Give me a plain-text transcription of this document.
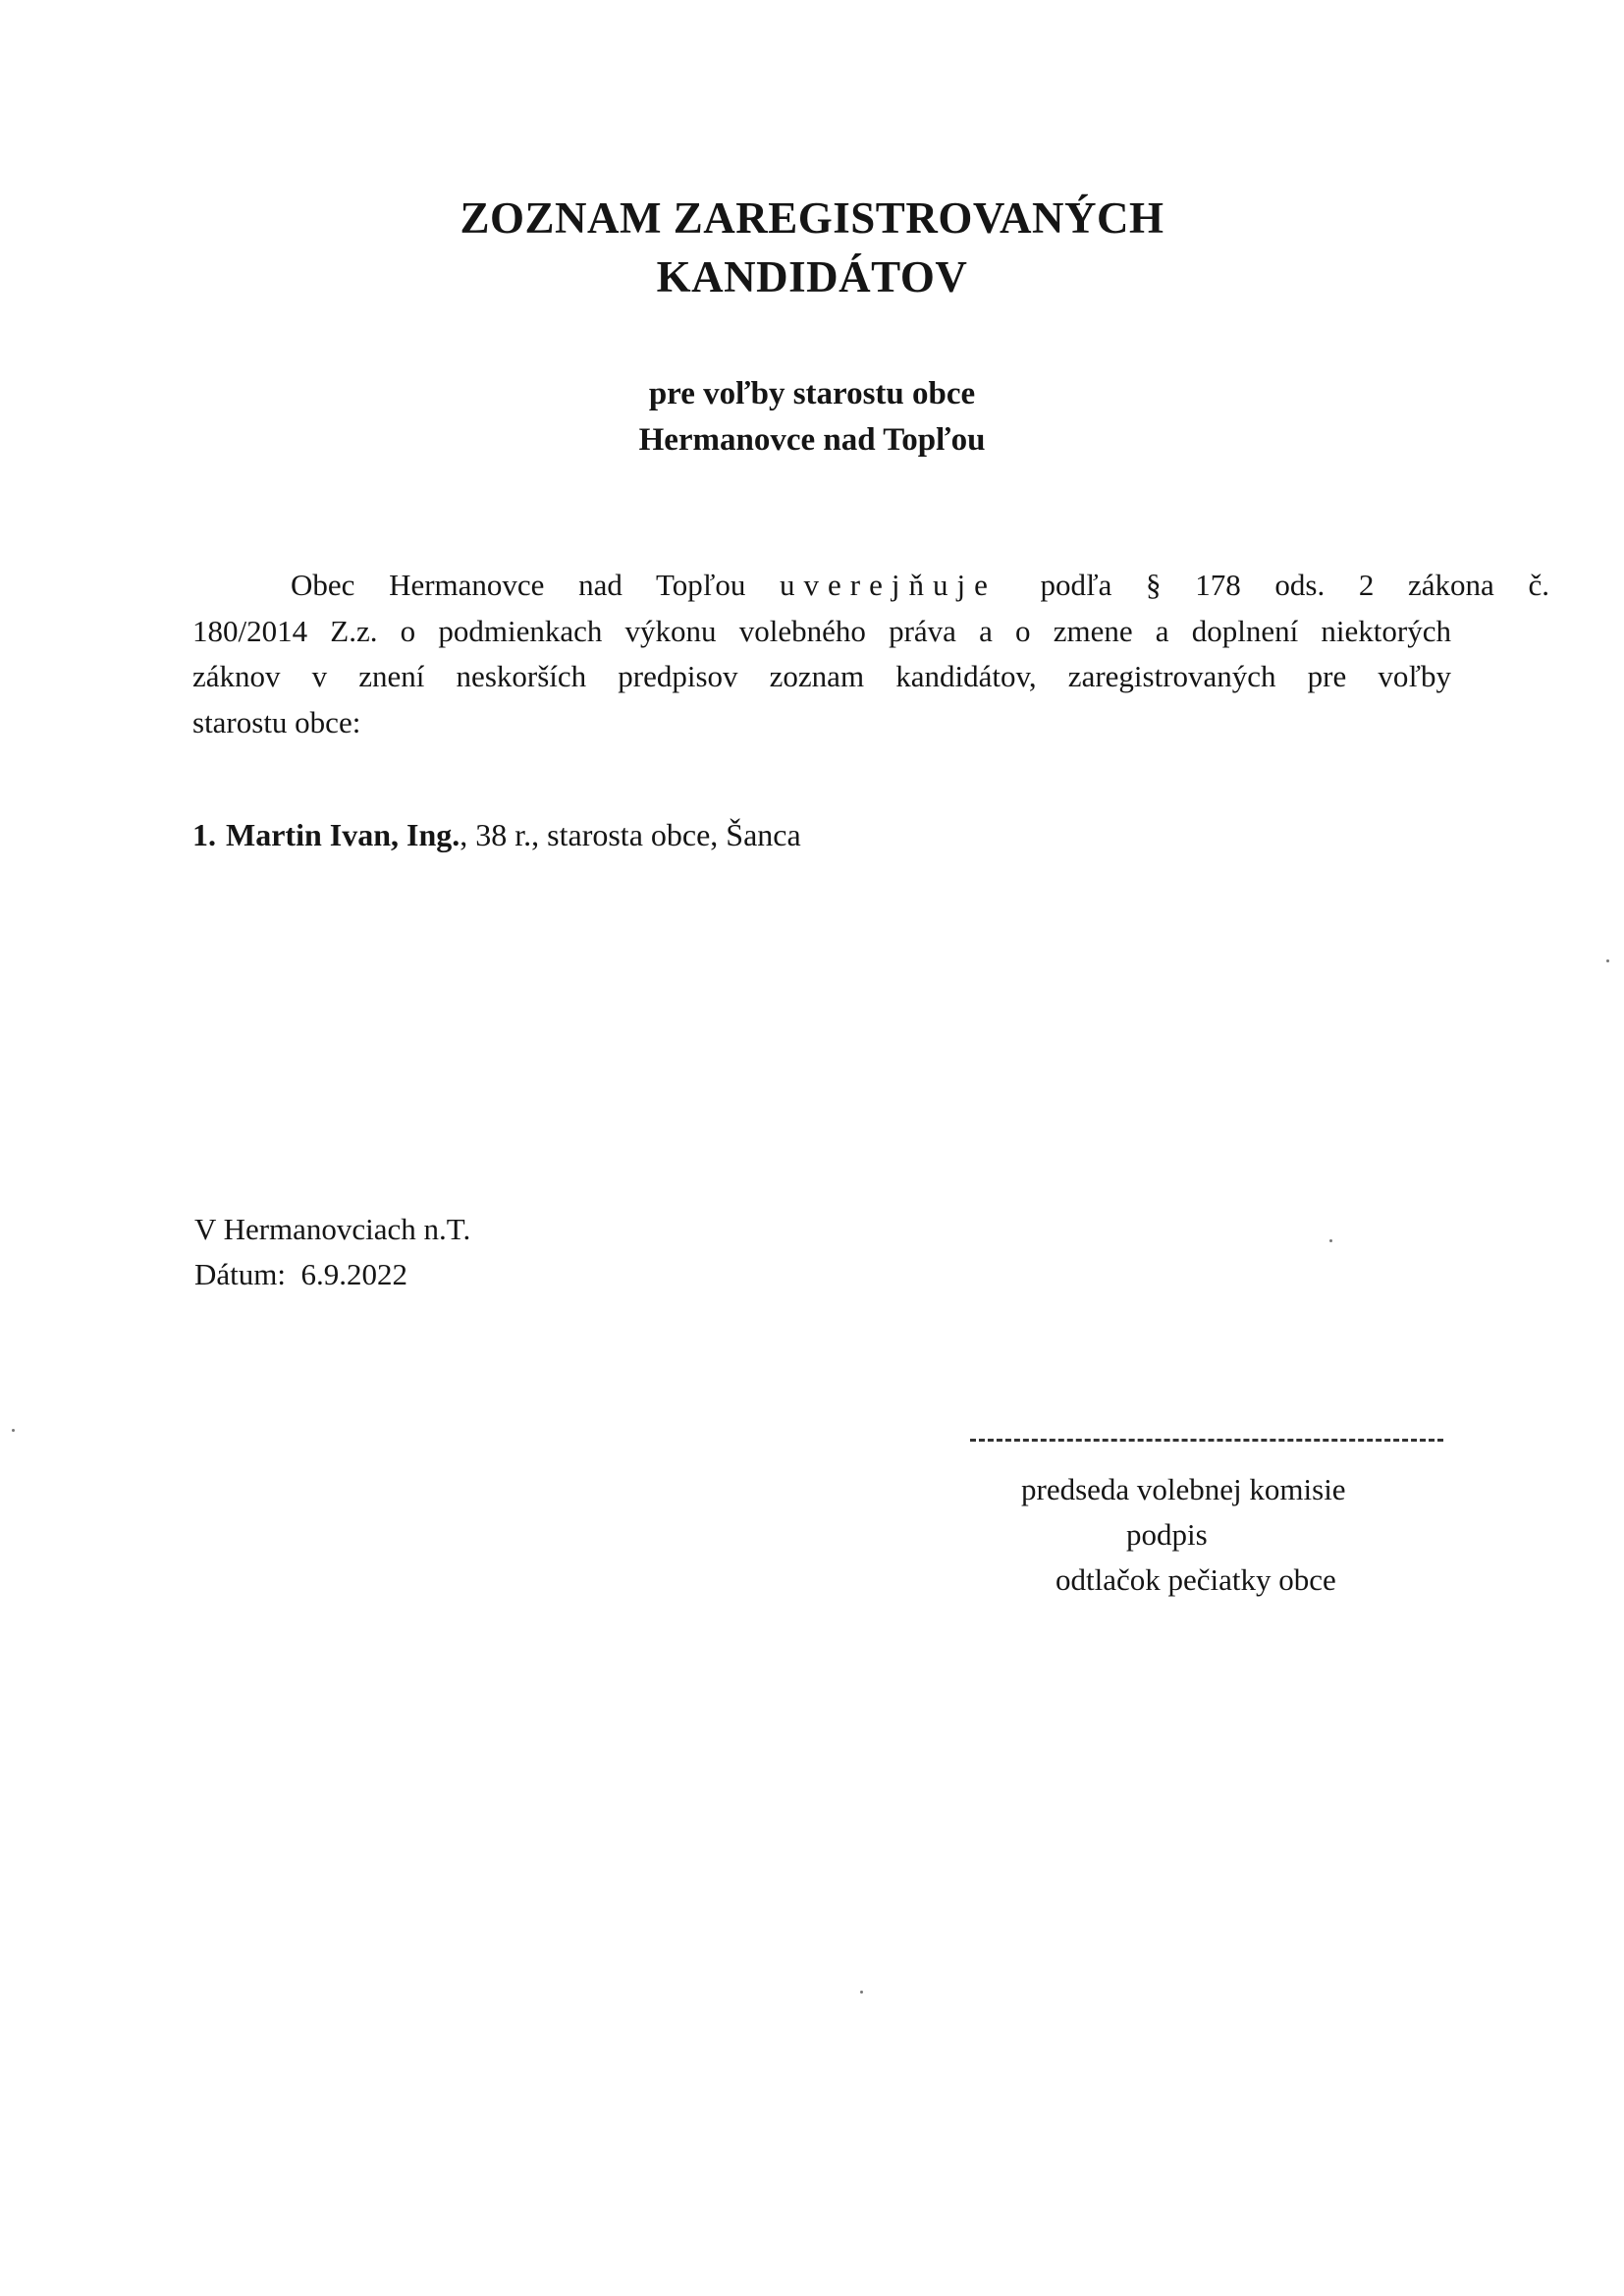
ZOZNAM ZAREGISTROVANÝCH
KANDIDÁTOV
pre voľby starostu obce
Hermanovce nad Topľou
Obec Hermanovce nad Topľou uverejňuje podľa § 178 ods. 2 zákona č.
180/2014 Z.z. o podmienkach výkonu volebného práva a o zmene a doplnení niektorých
záknov v znení neskorších predpisov zoznam kandidátov, zaregistrovaných pre voľby
starostu obce:
1. Martin Ivan, Ing., 38 r., starosta obce, Šanca
V Hermanovciach n.T.
Dátum: 6.9.2022
predseda volebnej komisie
podpis
odtlačok pečiatky obce
